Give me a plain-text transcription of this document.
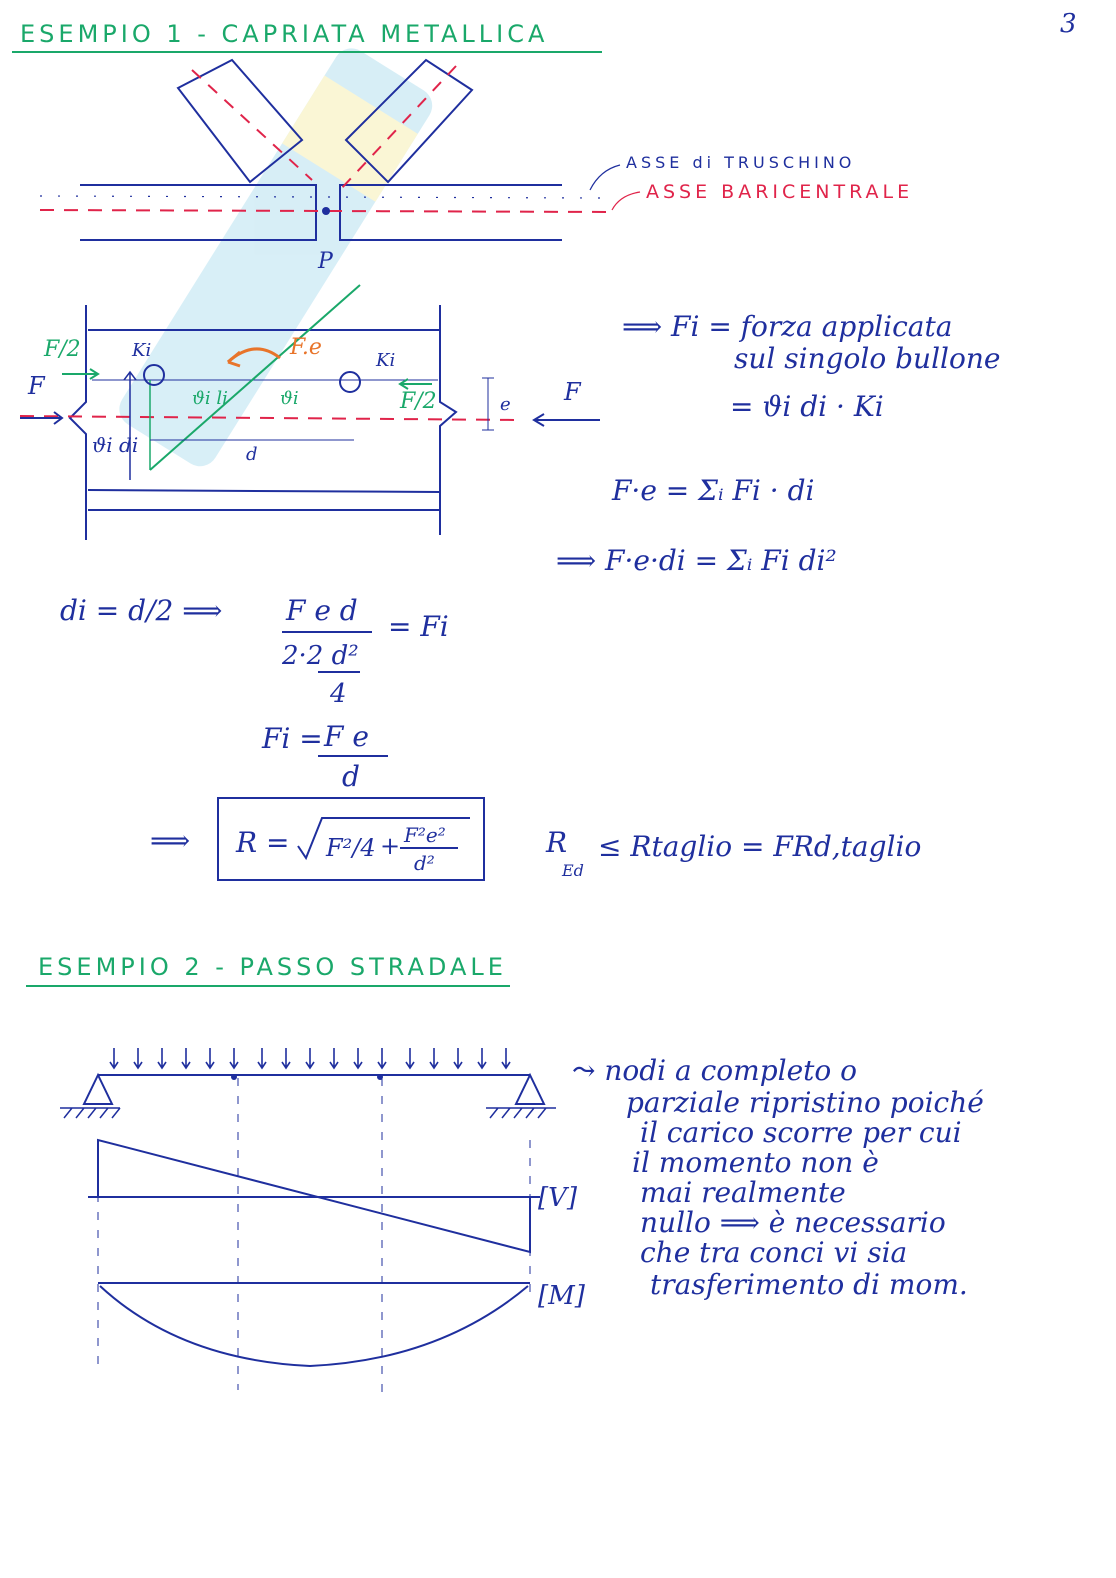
3
ESEMPIO 1 - CAPRIATA METALLICA
P
ASSE di TRUSCHINO
ASSE BARICENTRALE
F/2
F
Ki	F.e
Ki
ϑi li	ϑi	F/2	e F
ϑi di	d
⟹ Fi = forza applicata
sul singolo bullone
= ϑi di · Ki
F·e = Σᵢ Fi · di
⟹ F·e·di = Σᵢ Fi di²
di = d/2 ⟹ F e d
2·2 d²
4
= Fi
Fi = F e
d
⟹ R = F²/4 + F²e²
d²
R
Ed
≤ Rtaglio = FRd,taglio
ESEMPIO 2 - PASSO STRADALE
[V]
[M]
⤳ nodi a completo o
parziale ripristino poiché
il carico scorre per cui
il momento non è
mai realmente
nullo ⟹ è necessario
che tra conci vi sia
trasferimento di mom.
